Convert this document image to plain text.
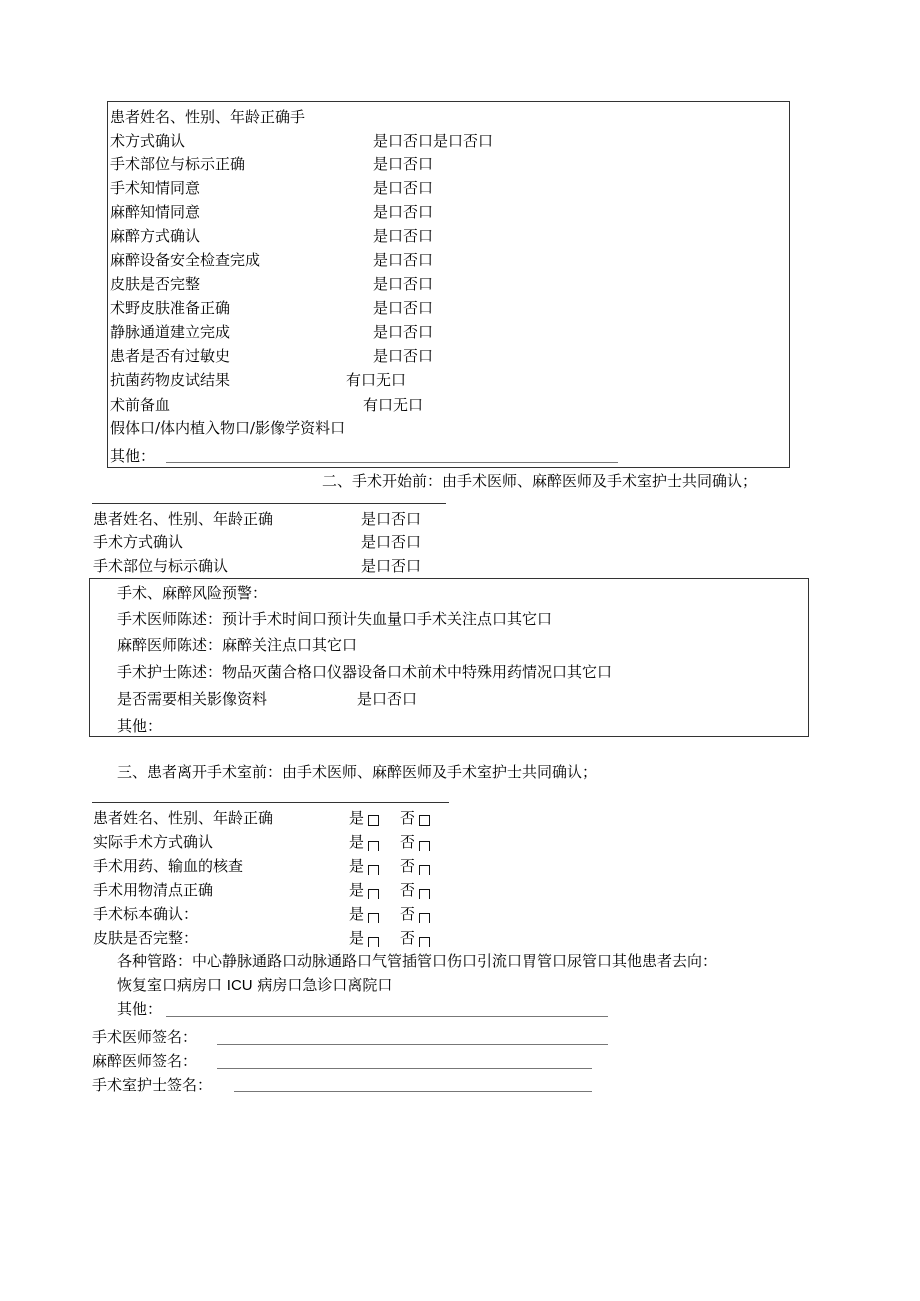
患者姓名、性别、年龄正确手
术方式确认	是口否口是口否口
手术部位与标示正确	是口否口
手术知情同意	是口否口
麻醉知情同意	是口否口
麻醉方式确认	是口否口
麻醉设备安全检查完成	是口否口
皮肤是否完整	是口否口
术野皮肤准备正确	是口否口
静脉通道建立完成	是口否口
患者是否有过敏史	是口否口
抗菌药物皮试结果	有口无口
术前备血	有口无口
假体口/体内植入物口/影像学资料口
其他：
二、手术开始前：由手术医师、麻醉医师及手术室护士共同确认；
患者姓名、性别、年龄正确	是口否口
手术方式确认	是口否口
手术部位与标示确认	是口否口
手术、麻醉风险预警：
手术医师陈述：预计手术时间口预计失血量口手术关注点口其它口
麻醉医师陈述：麻醉关注点口其它口
手术护士陈述：物品灭菌合格口仪器设备口术前术中特殊用药情况口其它口
是否需要相关影像资料	是口否口
其他：
三、患者离开手术室前：由手术医师、麻醉医师及手术室护士共同确认；
患者姓名、性别、年龄正确	是	否
实际手术方式确认	是	否
手术用药、输血的核查	是	否
手术用物清点正确	是	否
手术标本确认：	是	否
皮肤是否完整：	是	否
各种管路：中心静脉通路口动脉通路口气管插管口伤口引流口胃管口尿管口其他患者去向：
恢复室口病房口 ICU 病房口急诊口离院口
其他：
手术医师签名：
麻醉医师签名：
手术室护士签名：
